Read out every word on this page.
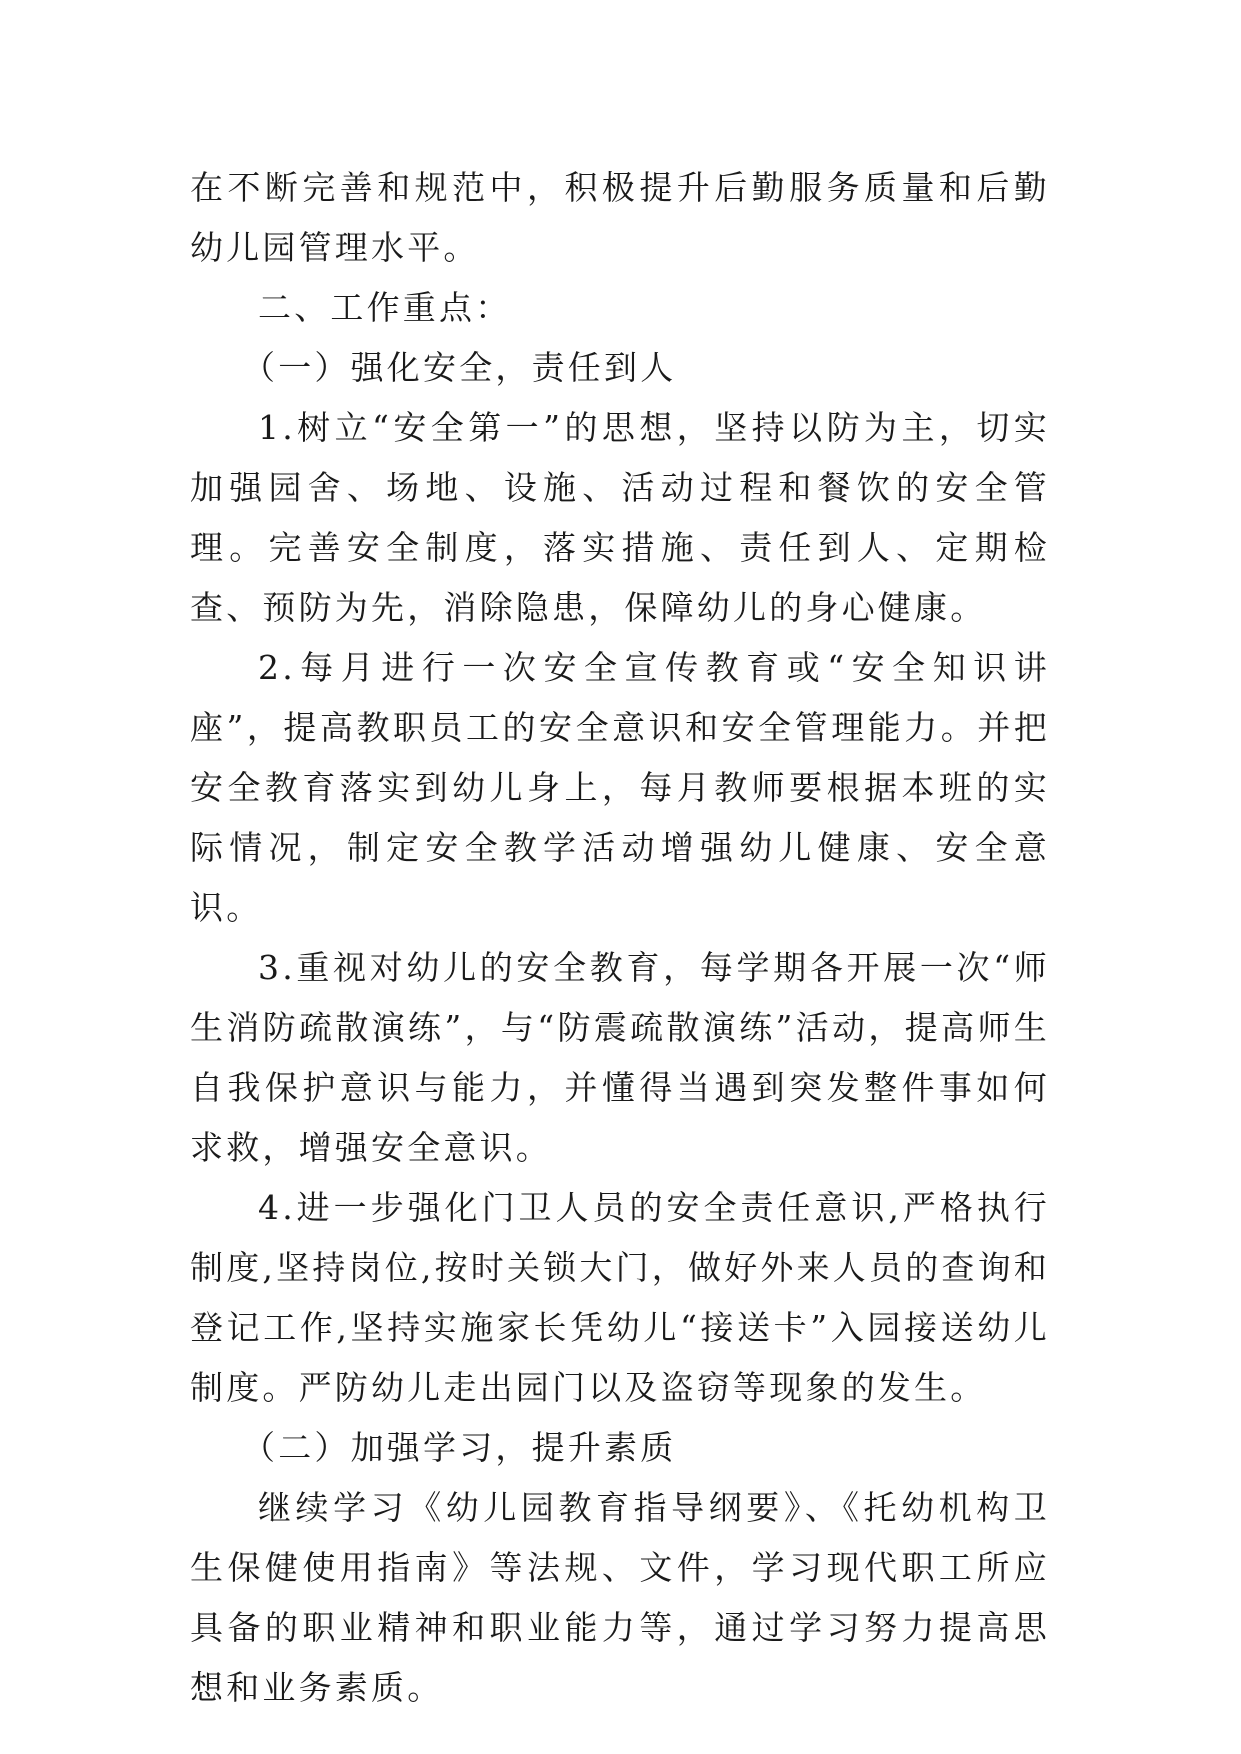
在不断完善和规范中，积极提升后勤服务质量和后勤幼儿园管理水平。

二、工作重点：

（一）强化安全，责任到人

1.树立“安全第一”的思想，坚持以防为主，切实加强园舍、场地、设施、活动过程和餐饮的安全管理。完善安全制度，落实措施、责任到人、定期检查、预防为先，消除隐患，保障幼儿的身心健康。

2.每月进行一次安全宣传教育或“安全知识讲座”，提高教职员工的安全意识和安全管理能力。并把安全教育落实到幼儿身上，每月教师要根据本班的实际情况，制定安全教学活动增强幼儿健康、安全意识。

3.重视对幼儿的安全教育，每学期各开展一次“师生消防疏散演练”，与“防震疏散演练”活动，提高师生自我保护意识与能力，并懂得当遇到突发整件事如何求救，增强安全意识。

4.进一步强化门卫人员的安全责任意识,严格执行制度,坚持岗位,按时关锁大门，做好外来人员的查询和登记工作,坚持实施家长凭幼儿“接送卡”入园接送幼儿制度。严防幼儿走出园门以及盗窃等现象的发生。

（二）加强学习，提升素质

继续学习《幼儿园教育指导纲要》、《托幼机构卫生保健使用指南》等法规、文件，学习现代职工所应具备的职业精神和职业能力等，通过学习努力提高思想和业务素质。
